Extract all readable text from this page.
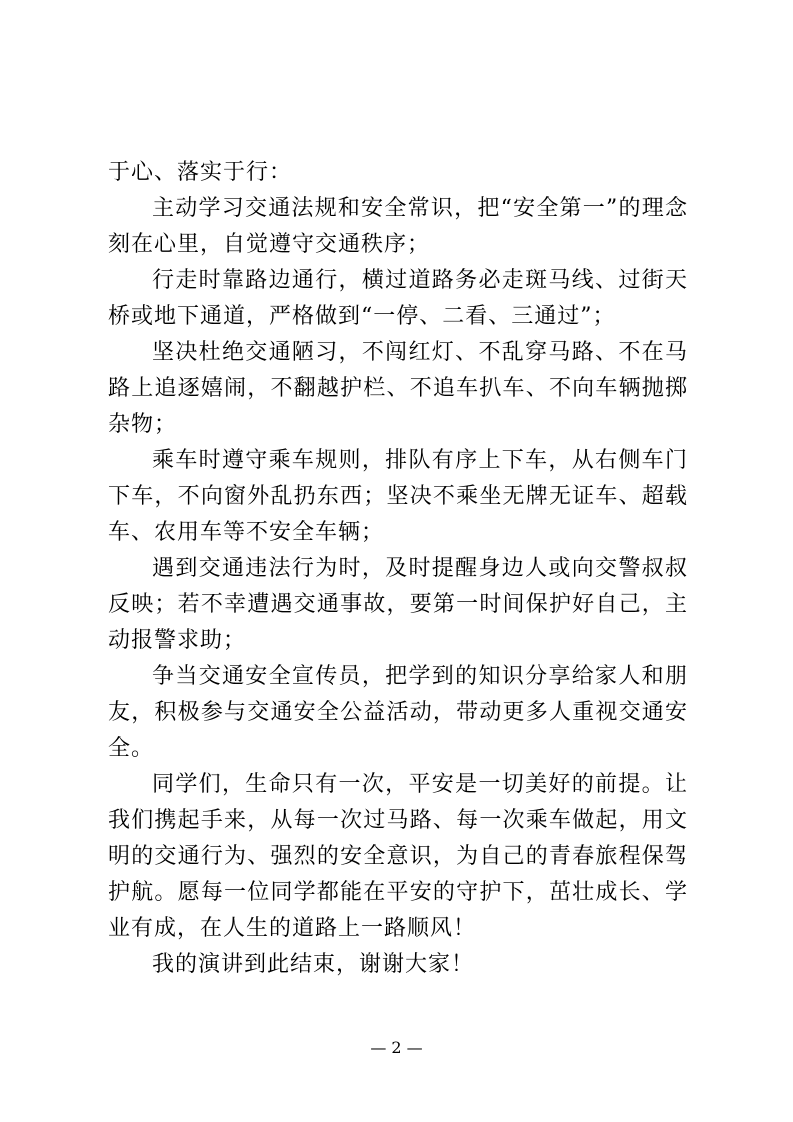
于心、落实于行：

主动学习交通法规和安全常识，把“安全第一”的理念刻在心里，自觉遵守交通秩序；

行走时靠路边通行，横过道路务必走斑马线、过街天桥或地下通道，严格做到“一停、二看、三通过”；

坚决杜绝交通陋习，不闯红灯、不乱穿马路、不在马路上追逐嬉闹，不翻越护栏、不追车扒车、不向车辆抛掷杂物；

乘车时遵守乘车规则，排队有序上下车，从右侧车门下车，不向窗外乱扔东西；坚决不乘坐无牌无证车、超载车、农用车等不安全车辆；

遇到交通违法行为时，及时提醒身边人或向交警叔叔反映；若不幸遭遇交通事故，要第一时间保护好自己，主动报警求助；

争当交通安全宣传员，把学到的知识分享给家人和朋友，积极参与交通安全公益活动，带动更多人重视交通安全。

同学们，生命只有一次，平安是一切美好的前提。让我们携起手来，从每一次过马路、每一次乘车做起，用文明的交通行为、强烈的安全意识，为自己的青春旅程保驾护航。愿每一位同学都能在平安的守护下，茁壮成长、学业有成，在人生的道路上一路顺风！

我的演讲到此结束，谢谢大家！

— 2 —
